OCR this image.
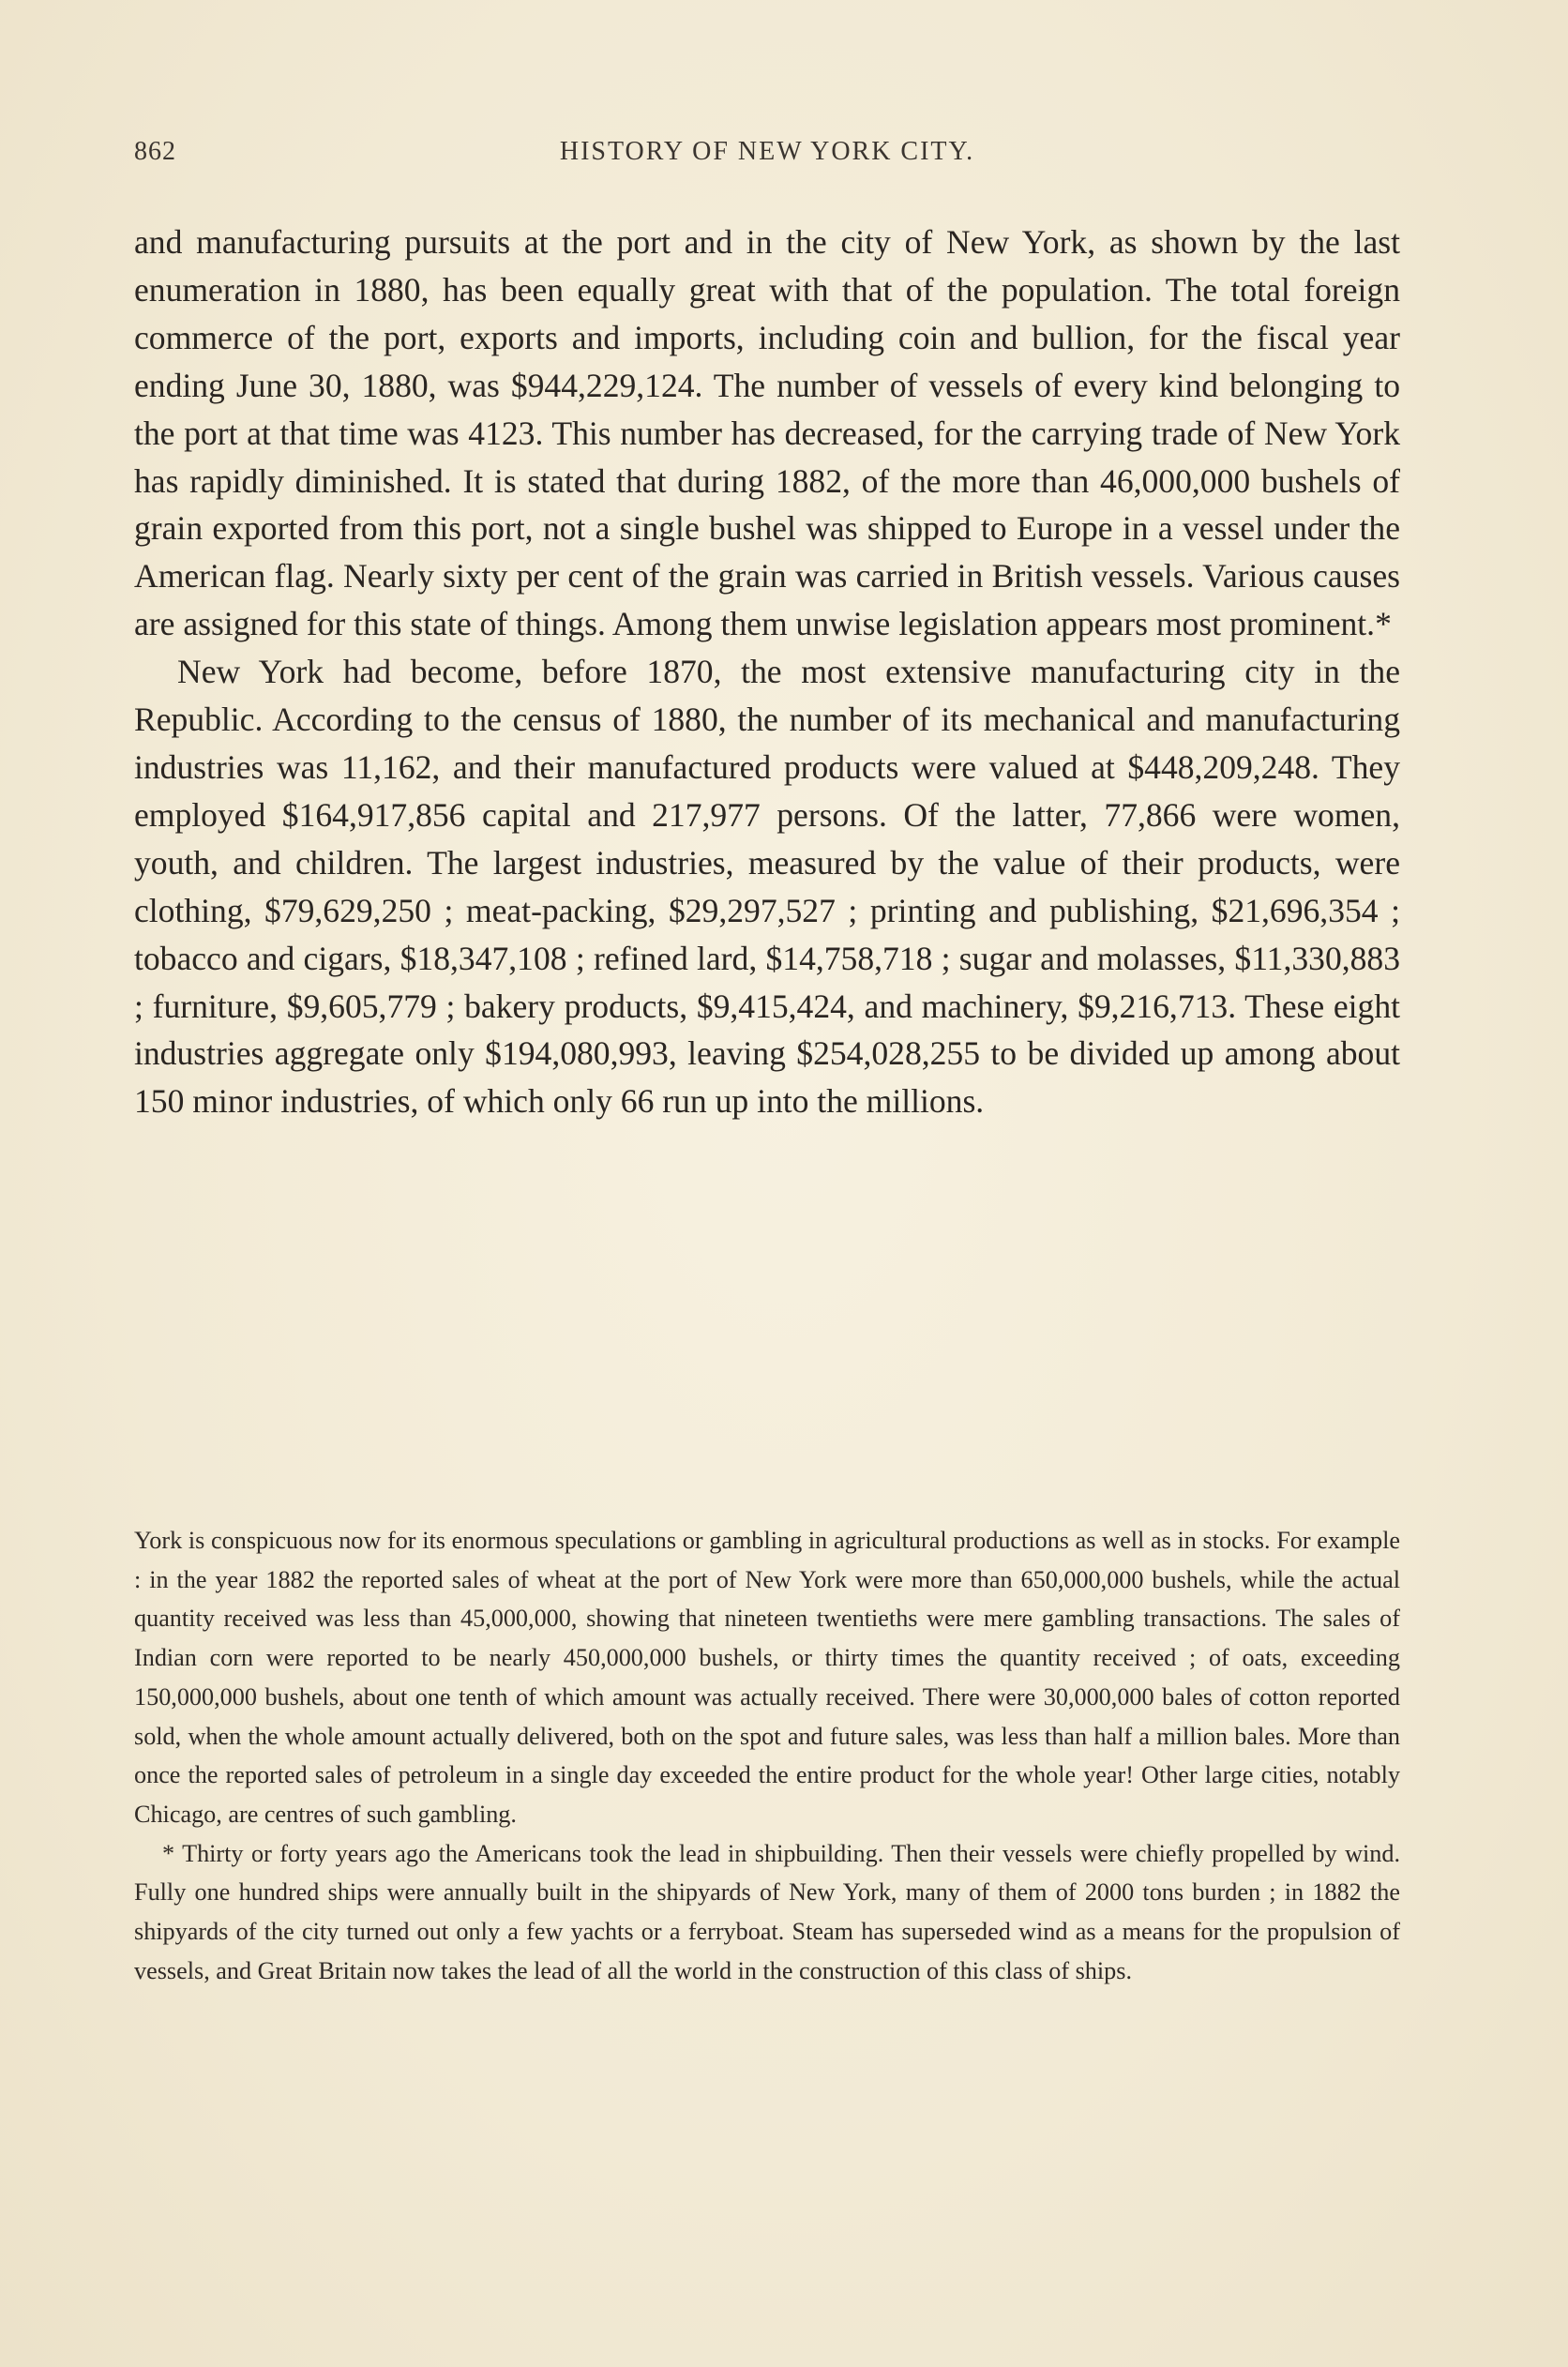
862	HISTORY OF NEW YORK CITY.

and manufacturing pursuits at the port and in the city of New York, as shown by the last enumeration in 1880, has been equally great with that of the population. The total foreign commerce of the port, exports and imports, including coin and bullion, for the fiscal year ending June 30, 1880, was $944,229,124. The number of vessels of every kind belonging to the port at that time was 4123. This number has decreased, for the carrying trade of New York has rapidly diminished. It is stated that during 1882, of the more than 46,000,000 bushels of grain exported from this port, not a single bushel was shipped to Europe in a vessel under the American flag. Nearly sixty per cent of the grain was carried in British vessels. Various causes are assigned for this state of things. Among them unwise legislation appears most prominent.*

New York had become, before 1870, the most extensive manufacturing city in the Republic. According to the census of 1880, the number of its mechanical and manufacturing industries was 11,162, and their manufactured products were valued at $448,209,248. They employed $164,917,856 capital and 217,977 persons. Of the latter, 77,866 were women, youth, and children. The largest industries, measured by the value of their products, were clothing, $79,629,250 ; meat-packing, $29,297,527 ; printing and publishing, $21,696,354 ; tobacco and cigars, $18,347,108 ; refined lard, $14,758,718 ; sugar and molasses, $11,330,883 ; furniture, $9,605,779 ; bakery products, $9,415,424, and machinery, $9,216,713. These eight industries aggregate only $194,080,993, leaving $254,028,255 to be divided up among about 150 minor industries, of which only 66 run up into the millions.

York is conspicuous now for its enormous speculations or gambling in agricultural productions as well as in stocks. For example : in the year 1882 the reported sales of wheat at the port of New York were more than 650,000,000 bushels, while the actual quantity received was less than 45,000,000, showing that nineteen twentieths were mere gambling transactions. The sales of Indian corn were reported to be nearly 450,000,000 bushels, or thirty times the quantity received ; of oats, exceeding 150,000,000 bushels, about one tenth of which amount was actually received. There were 30,000,000 bales of cotton reported sold, when the whole amount actually delivered, both on the spot and future sales, was less than half a million bales. More than once the reported sales of petroleum in a single day exceeded the entire product for the whole year! Other large cities, notably Chicago, are centres of such gambling.

* Thirty or forty years ago the Americans took the lead in shipbuilding. Then their vessels were chiefly propelled by wind. Fully one hundred ships were annually built in the shipyards of New York, many of them of 2000 tons burden ; in 1882 the shipyards of the city turned out only a few yachts or a ferryboat. Steam has superseded wind as a means for the propulsion of vessels, and Great Britain now takes the lead of all the world in the construction of this class of ships.
